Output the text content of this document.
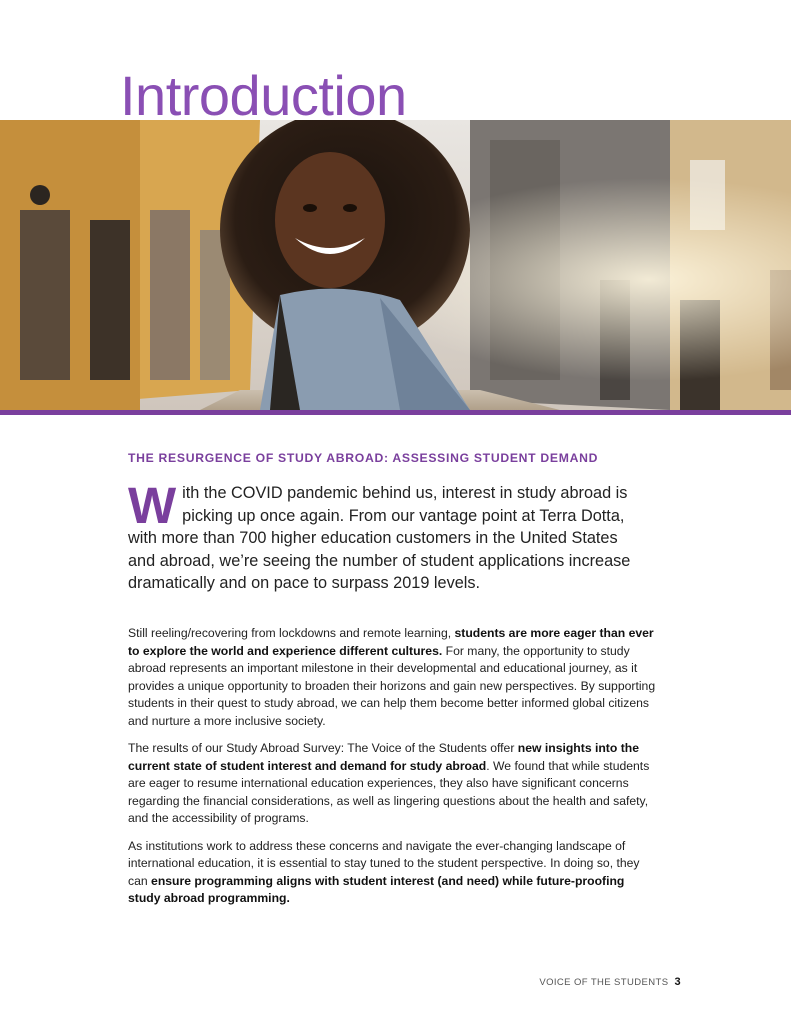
Introduction
THE RESURGENCE OF STUDY ABROAD: ASSESSING STUDENT DEMAND
With the COVID pandemic behind us, interest in study abroad is picking up once again. From our vantage point at Terra Dotta, with more than 700 higher education customers in the United States and abroad, we’re seeing the number of student applications increase dramatically and on pace to surpass 2019 levels.

Still reeling/recovering from lockdowns and remote learning, students are more eager than ever to explore the world and experience different cultures. For many, the opportunity to study abroad represents an important milestone in their developmental and educational journey, as it provides a unique opportunity to broaden their horizons and gain new perspectives. By supporting students in their quest to study abroad, we can help them become better informed global citizens and nurture a more inclusive society.

The results of our Study Abroad Survey: The Voice of the Students offer new insights into the current state of student interest and demand for study abroad. We found that while students are eager to resume international education experiences, they also have significant concerns regarding the financial considerations, as well as lingering questions about the health and safety, and the accessibility of programs.

As institutions work to address these concerns and navigate the ever-changing landscape of international education, it is essential to stay tuned to the student perspective. In doing so, they can ensure programming aligns with student interest (and need) while future-proofing study abroad programming.

VOICE OF THE STUDENTS 3
